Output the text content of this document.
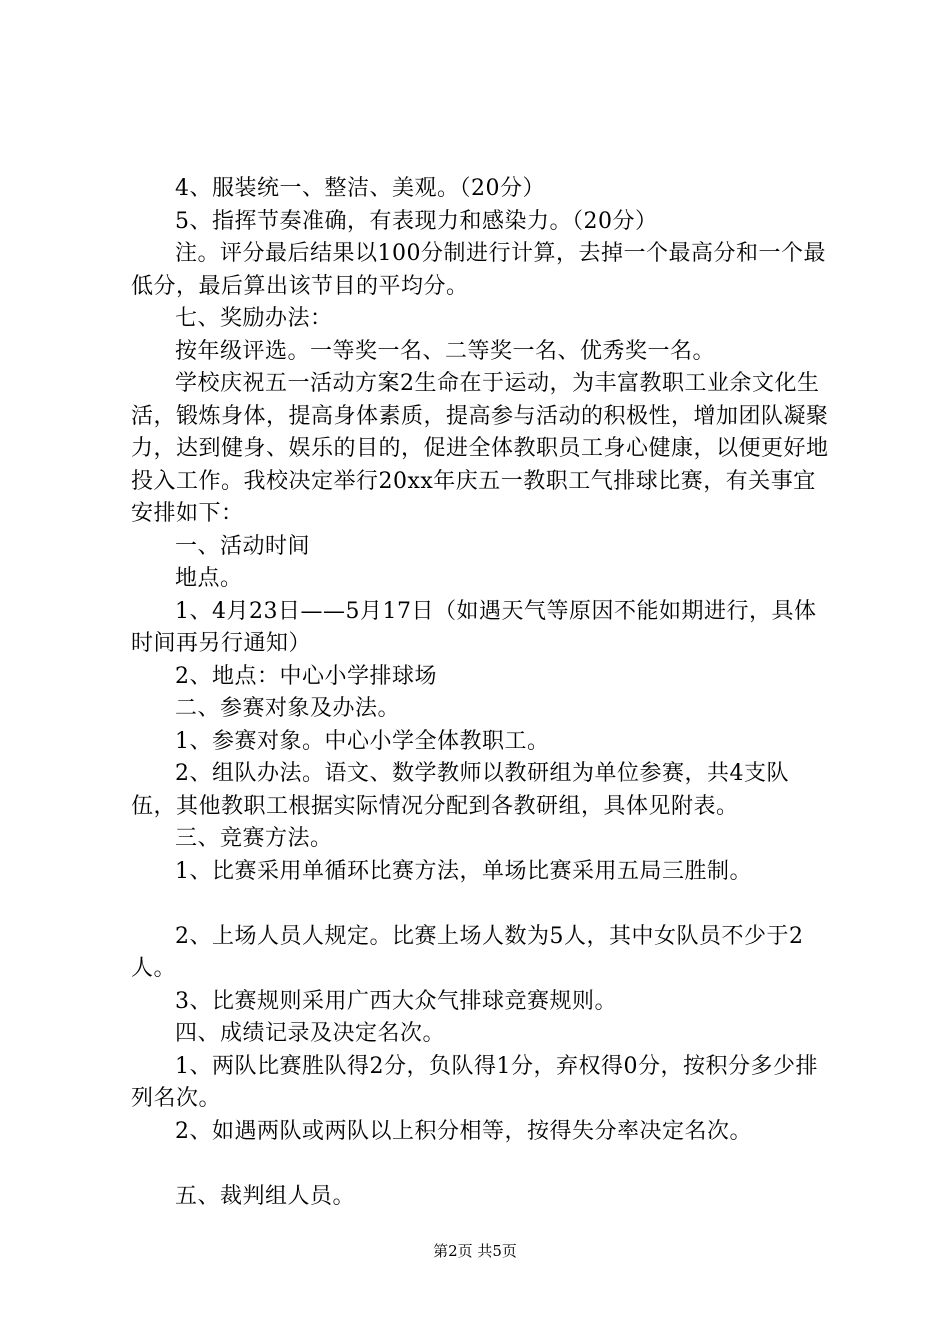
4、服装统一、整洁、美观。（20分）

5、指挥节奏准确，有表现力和感染力。（20分）

注。评分最后结果以100分制进行计算，去掉一个最高分和一个最低分，最后算出该节目的平均分。

七、奖励办法：

按年级评选。一等奖一名、二等奖一名、优秀奖一名。

学校庆祝五一活动方案2生命在于运动，为丰富教职工业余文化生活，锻炼身体，提高身体素质，提高参与活动的积极性，增加团队凝聚力，达到健身、娱乐的目的，促进全体教职员工身心健康，以便更好地投入工作。我校决定举行20xx年庆五一教职工气排球比赛，有关事宜安排如下：

一、活动时间

地点。

1、4月23日——5月17日（如遇天气等原因不能如期进行，具体时间再另行通知）

2、地点：中心小学排球场

二、参赛对象及办法。

1、参赛对象。中心小学全体教职工。

2、组队办法。语文、数学教师以教研组为单位参赛，共4支队伍，其他教职工根据实际情况分配到各教研组，具体见附表。

三、竞赛方法。

1、比赛采用单循环比赛方法，单场比赛采用五局三胜制。

2、上场人员人规定。比赛上场人数为5人，其中女队员不少于2人。

3、比赛规则采用广西大众气排球竞赛规则。

四、成绩记录及决定名次。

1、两队比赛胜队得2分，负队得1分，弃权得0分，按积分多少排列名次。

2、如遇两队或两队以上积分相等，按得失分率决定名次。

五、裁判组人员。

第2页 共5页
